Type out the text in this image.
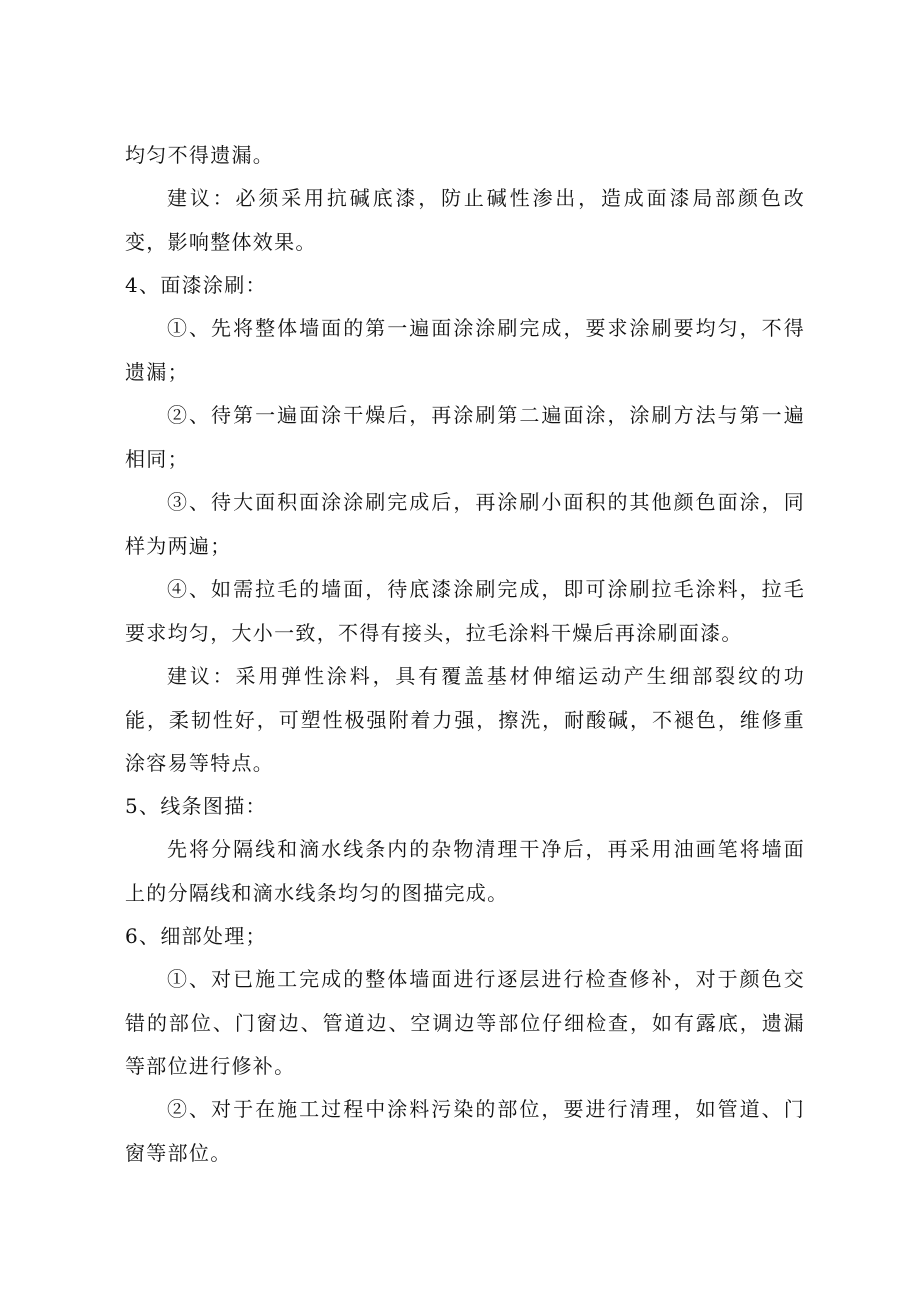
均匀不得遗漏。

建议：必须采用抗碱底漆，防止碱性渗出，造成面漆局部颜色改变，影响整体效果。

4、面漆涂刷：

①、先将整体墙面的第一遍面涂涂刷完成，要求涂刷要均匀，不得遗漏；

②、待第一遍面涂干燥后，再涂刷第二遍面涂，涂刷方法与第一遍相同；

③、待大面积面涂涂刷完成后，再涂刷小面积的其他颜色面涂，同样为两遍；

④、如需拉毛的墙面，待底漆涂刷完成，即可涂刷拉毛涂料，拉毛要求均匀，大小一致，不得有接头，拉毛涂料干燥后再涂刷面漆。

建议：采用弹性涂料，具有覆盖基材伸缩运动产生细部裂纹的功能，柔韧性好，可塑性极强附着力强，擦洗，耐酸碱，不褪色，维修重涂容易等特点。

5、线条图描：

先将分隔线和滴水线条内的杂物清理干净后，再采用油画笔将墙面上的分隔线和滴水线条均匀的图描完成。

6、细部处理；

①、对已施工完成的整体墙面进行逐层进行检查修补，对于颜色交错的部位、门窗边、管道边、空调边等部位仔细检查，如有露底，遗漏等部位进行修补。

②、对于在施工过程中涂料污染的部位，要进行清理，如管道、门窗等部位。
